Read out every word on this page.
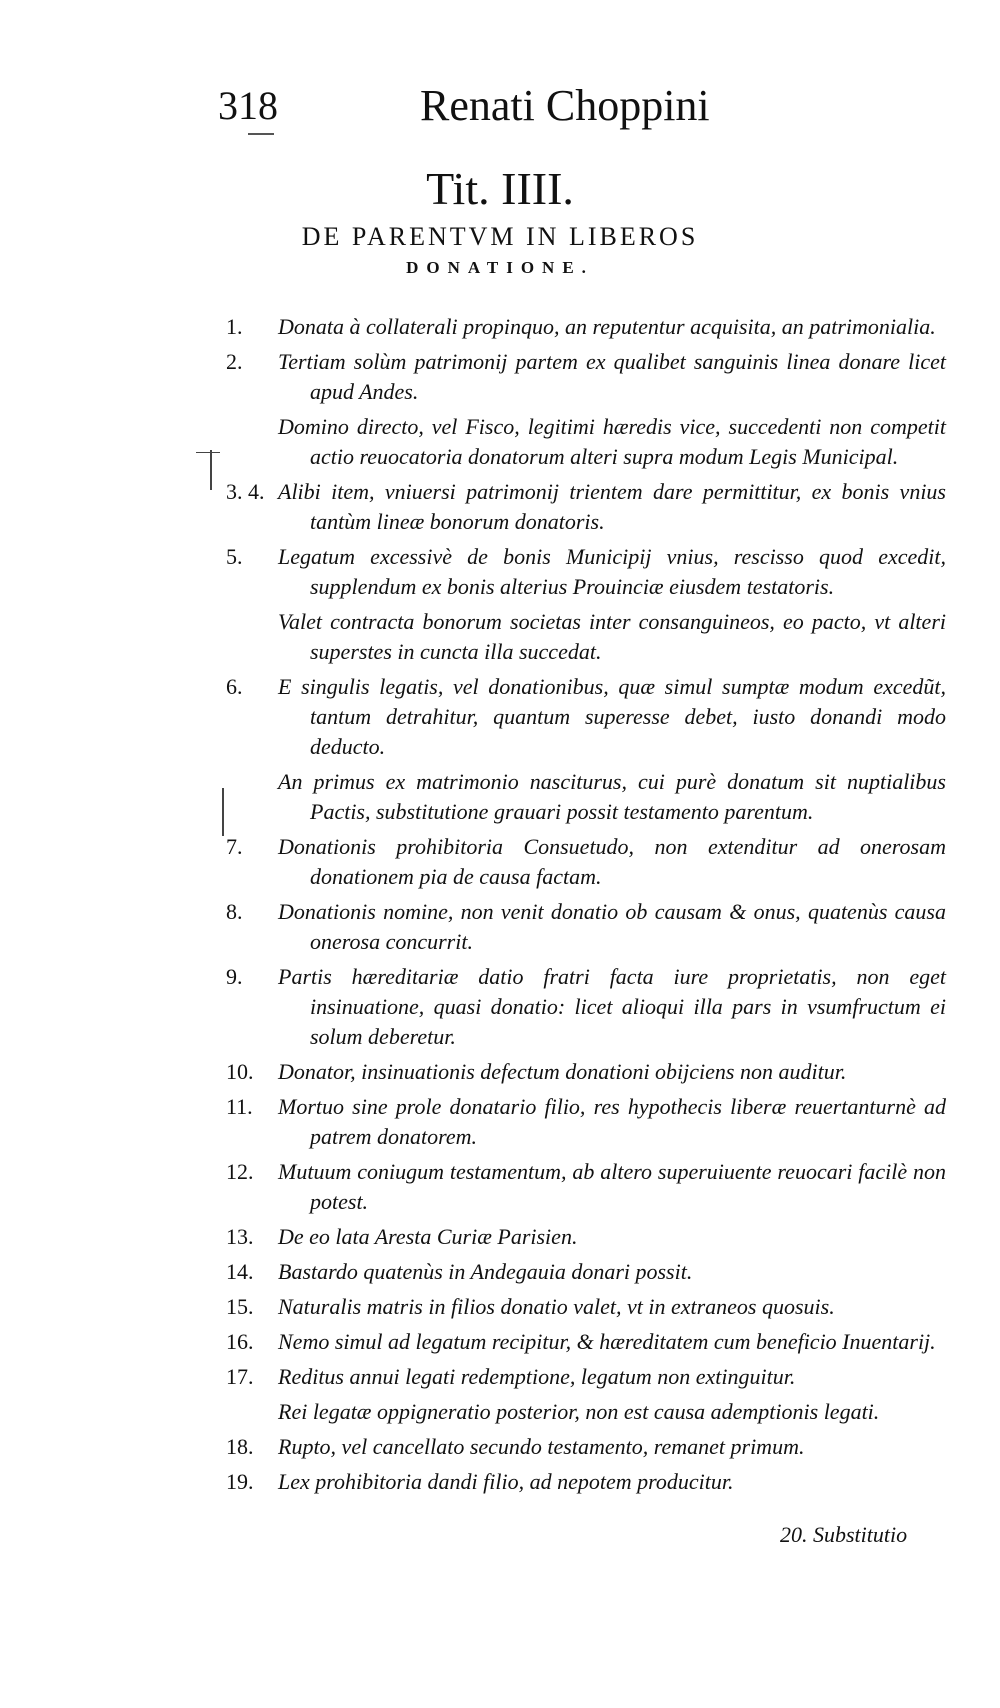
318	Renati Choppini
Tit. IIII.
DE PARENTVM IN LIBEROS
DONATIONE.
1.	Donata à collaterali propinquo, an reputentur acquisita, an patrimonialia.
2.	Tertiam solùm patrimonij partem ex qualibet sanguinis linea donare licet apud Andes.
Domino directo, vel Fisco, legitimi hæredis vice, succedenti non competit actio reuocatoria donatorum alteri supra modum Legis Municipal.
3. 4. Alibi item, vniuersi patrimonij trientem dare permittitur, ex bonis vnius tantùm lineæ bonorum donatoris.
5.	Legatum excessivè de bonis Municipij vnius, rescisso quod excedit, supplendum ex bonis alterius Prouinciæ eiusdem testatoris.
Valet contracta bonorum societas inter consanguineos, eo pacto, vt alteri superstes in cuncta illa succedat.
6.	E singulis legatis, vel donationibus, quæ simul sumptæ modum excedũt, tantum detrahitur, quantum superesse debet, iusto donandi modo deducto.
An primus ex matrimonio nasciturus, cui purè donatum sit nuptialibus Pactis, substitutione grauari possit testamento parentum.
7.	Donationis prohibitoria Consuetudo, non extenditur ad onerosam donationem pia de causa factam.
8.	Donationis nomine, non venit donatio ob causam & onus, quatenùs causa onerosa concurrit.
9.	Partis hæreditariæ datio fratri facta iure proprietatis, non eget insinuatione, quasi donatio: licet alioqui illa pars in vsumfructum ei solum deberetur.
10.	Donator, insinuationis defectum donationi obijciens non auditur.
11.	Mortuo sine prole donatario filio, res hypothecis liberæ reuertanturnè ad patrem donatorem.
12.	Mutuum coniugum testamentum, ab altero superuiuente reuocari facilè non potest.
13.	De eo lata Aresta Curiæ Parisien.
14.	Bastardo quatenùs in Andegauia donari possit.
15.	Naturalis matris in filios donatio valet, vt in extraneos quosuis.
16.	Nemo simul ad legatum recipitur, & hæreditatem cum beneficio Inuentarij.
17.	Reditus annui legati redemptione, legatum non extinguitur.
Rei legatæ oppigneratio posterior, non est causa ademptionis legati.
18.	Rupto, vel cancellato secundo testamento, remanet primum.
19.	Lex prohibitoria dandi filio, ad nepotem producitur.
20. Substitutio
